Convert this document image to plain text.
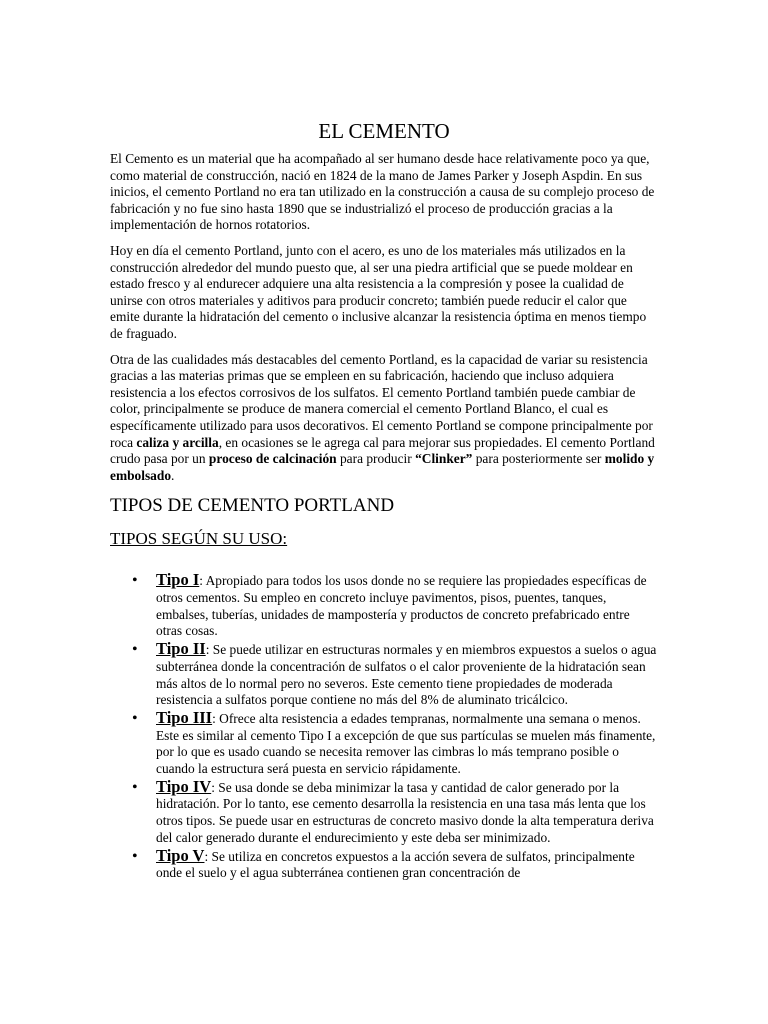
EL CEMENTO

El Cemento es un material que ha acompañado al ser humano desde hace relativamente poco ya que, como material de construcción, nació en 1824 de la mano de James Parker y Joseph Aspdin. En sus inicios, el cemento Portland no era tan utilizado en la construcción a causa de su complejo proceso de fabricación y no fue sino hasta 1890 que se industrializó el proceso de producción gracias a la implementación de hornos rotatorios.

Hoy en día el cemento Portland, junto con el acero, es uno de los materiales más utilizados en la construcción alrededor del mundo puesto que, al ser una piedra artificial que se puede moldear en estado fresco y al endurecer adquiere una alta resistencia a la compresión y posee la cualidad de unirse con otros materiales y aditivos para producir concreto; también puede reducir el calor que emite durante la hidratación del cemento o inclusive alcanzar la resistencia óptima en menos tiempo de fraguado.

Otra de las cualidades más destacables del cemento Portland, es la capacidad de variar su resistencia gracias a las materias primas que se empleen en su fabricación, haciendo que incluso adquiera resistencia a los efectos corrosivos de los sulfatos. El cemento Portland también puede cambiar de color, principalmente se produce de manera comercial el cemento Portland Blanco, el cual es específicamente utilizado para usos decorativos. El cemento Portland se compone principalmente por roca caliza y arcilla, en ocasiones se le agrega cal para mejorar sus propiedades. El cemento Portland crudo pasa por un proceso de calcinación para producir “Clinker” para posteriormente ser molido y embolsado.

TIPOS DE CEMENTO PORTLAND
TIPOS SEGÚN SU USO:
• Tipo I: Apropiado para todos los usos donde no se requiere las propiedades específicas de otros cementos. Su empleo en concreto incluye pavimentos, pisos, puentes, tanques, embalses, tuberías, unidades de mampostería y productos de concreto prefabricado entre otras cosas.
• Tipo II: Se puede utilizar en estructuras normales y en miembros expuestos a suelos o agua subterránea donde la concentración de sulfatos o el calor proveniente de la hidratación sean más altos de lo normal pero no severos. Este cemento tiene propiedades de moderada resistencia a sulfatos porque contiene no más del 8% de aluminato tricálcico.
• Tipo III: Ofrece alta resistencia a edades tempranas, normalmente una semana o menos. Este es similar al cemento Tipo I a excepción de que sus partículas se muelen más finamente, por lo que es usado cuando se necesita remover las cimbras lo más temprano posible o cuando la estructura será puesta en servicio rápidamente.
• Tipo IV: Se usa donde se deba minimizar la tasa y cantidad de calor generado por la hidratación. Por lo tanto, ese cemento desarrolla la resistencia en una tasa más lenta que los otros tipos. Se puede usar en estructuras de concreto masivo donde la alta temperatura deriva del calor generado durante el endurecimiento y este deba ser minimizado.
• Tipo V: Se utiliza en concretos expuestos a la acción severa de sulfatos, principalmente onde el suelo y el agua subterránea contienen gran concentración de
